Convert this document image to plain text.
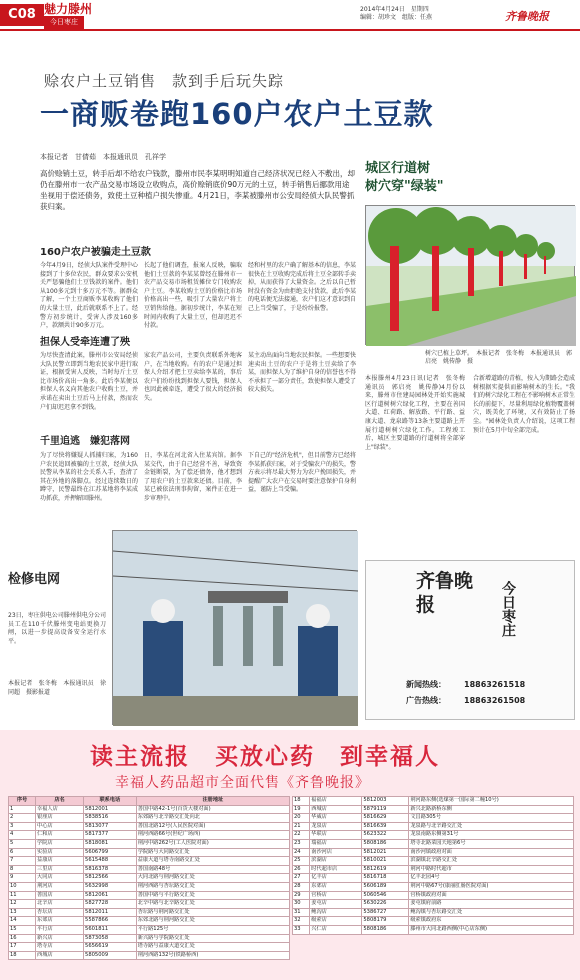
C08 魅力滕州
今日枣庄
2014年4月24日　星期四
编辑：胡珍文　组版：任燕	齐鲁晚报
赊农户土豆销售　款到手后玩失踪
一商贩卷跑160户农户土豆款
本报记者　甘倩茹　本报通讯员　孔祥学
高价赊销土豆，转手后却不给农户钱款，滕州市民李某明明知道自己经济状况已经入不敷出，却仍在滕州市一农产品交易市场设立收购点，高价赊销底价90万元的土豆，转手销售后挪款用途坐视用于偿还债务，致使土豆种植户损失惨重。4月21日，李某被滕州市公安局经侦大队民警抓获归案。
160户农户被骗走土豆款
今年4月9日，经侦大队案件受理中心接到了十多位农民，群众要求公安机关严惩骗他们土豆钱款的案件。他们从100多元到十多万元不等。据群众了解，一个土豆商贩李某收购了他们的大量土豆，此后就联系不上了。经警方初步统计，受害人涉及160多户，款额共计90多万元。
长起了他们调查，报案人反映，骗取他们土豆款的李某某曾经在滕州市一农产品交易市场租赁摊位专门收购农户土豆。李某收购土豆的价格比市场价格高出一些，吸引了大量农户将土豆销售给他。据初步统计，李某在短时间内收购了大量土豆，但却迟迟不付款。
经和村里的农户确了解基本的信息，李某很快在土豆收购完成后将土豆全部转手卖掉，从而获得了大量资金。之后以自己暂时没有资金为由拒绝支付货款，此后李某的电话便无法接通，农户们这才意识到自己上当受骗了，于是纷纷报警。
担保人受牵连遭了殃
为尽快查清此案，滕州市公安局经侦大队民警立即到当地农民家中进行取证，根据受害人反映，当时每斤土豆比市场价高出一角多。此后李某便以担保人名义向其他农户收购土豆，并承诺在卖出土豆后马上付款，然而农户们却迟迟拿不到钱。
家农产品公司，主要负责联系外地客户，在当地收购。有的农户是通过担保人介绍才把土豆卖给李某的，事后农户们纷纷找到担保人要钱，担保人也因此被牵连，遭受了很大的经济损失。
某主动出面向当地农民担保。一些想要快速卖出土豆的农户于是将土豆卖给了李某，而担保人为了维护自身的信誉也不得不承担了一部分责任，致使担保人遭受了较大损失。
千里追逃　嫌犯落网
为了尽快将嫌疑人抓捕归案，为160户农民追回被骗的土豆款，经侦大队民警从李某的社会关系入手，查清了其在外地的落脚点。经过连续数日的蹲守，民警最终在江苏某地将李某成功抓获，并押解回滕州。
日，李某在河北省入住某宾馆。据李某交代，由于自己经营不善，导致资金链断裂，为了偿还债务，他才想到了用农户的土豆款来还债。目前，李某已被依法刑事拘留，案件正在进一步审理中。
下自己的"经济危机"，但目前警方已经将李某抓获归案，对于受骗农户的损失，警方表示将尽最大努力为农户挽回损失，并提醒广大农户在交易时要注意保护自身利益，谨防上当受骗。
城区行道树
树穴穿"绿装"
树穴已植上草坪。　本报记者　张冬梅　本报通讯员　郭启亮　姚传静　摄
本报滕州4月23日讯(记者　张冬梅　通讯员　郭启亮　姚传静)4月份以来，滕州市住建局园林处开始实施城区行道树树穴绿化工程，主要在善国大道、红荷路、解放路、平行路、益康大道、龙泉路等13条主要道路上开展行道树树穴绿化工作。工程竣工后，城区主要道路的行道树将全部穿上"绿装"。
合新增道路的青植，按入为期路会造成树根据实提供而影响树木的生长。"我们的树穴绿化工程在不影响树木正常生长的前提下，尽量利用绿化植物覆盖树穴，既美化了环境，又有效防止了扬尘。"园林处负责人介绍说，这项工程预计在5月中旬全部完成。
检修电网
23日，枣庄供电公司滕州供电分公司员工在110千伏滕州变电站更换刀闸，以进一步提高设备安全运行水平。
本报记者　张冬梅　本报通讯员　徐同超　摄影报道
齐鲁晚报	今日枣庄
新闻热线： 18863261518
广告热线： 18863261508
读主流报　买放心药　到幸福人
幸福人药品超市全面代售《齐鲁晚报》
序号	店名	联系电话	注册地址
1	幸福人店	5812001	善国中路42-1号(百货大楼对面)
2	银座店	5838516	东郊路与北辛路交汇处向北
3	中心店	5813077	善国北路12号(人民医院对面)
4	仁和店	5817377	荆河西路66号(世纪广场西)
5	学院店	5818081	荆河中路262号(工人医院对面)
6	实验店	5606799	学院路与大同路交汇处
7	益康店	5615488	益康大道与塔寺南路交汇处
8	三里店	5816378	善国南路48号
9	大同店	5812566	大同北路与荆河路交汇处
10	荆河店	5632998	荆河西路与杏坛路交汇处
11	善国店	5812061	善国中路与平行路交汇处
12	北辛店	5827728	北辛中路与北辛路交汇处
13	杏坛店	5812011	杏坛路与荆河路交汇处
14	东郊店	5587866	东郊北路与荆河路交汇处
15	平行店	5601811	平行路125号
16	新兴店	5873058	新兴路与学院路交汇处
17	塔寺店	5656619	塔寺路与益康大道交汇处
18	西城店	5805009	荆河西路132号(铁路桥西)
18	福福店	5812003	荆河路东侧(选煤第一国际第二幢10号)
19	西城店	5879119	新兴北路新桥东侧
20	华威店	5816629	文昌路305号
21	龙泉店	5816639	龙泉路与北辛路交汇处
22	华联店	5623322	龙泉南路东侧第31号
23	瑞福店	5808186	塔寺北路菜园天地第6号
24	南沙河店	5812021	南沙河镇政府对面
25	滨湖店	5810021	滨湖镇北辛路交汇处
26	时代超市店	5812619	荆河中路时代超市
27	亿丰店	5816718	亿丰北园4号
28	东郊店	5606189	荆河中路67号(康丽肛肠医院对面)
29	官桥店	5060546	官桥镇政府对面
30	姜屯店	5630226	姜屯镇府前路
31	鲍沟店	5386727	鲍沟镇与杏坛路交汇处
32	级索店	5808179	级索镇政府东
33	兴仁店	5808186	滕州市大同北路西侧(中心店东侧)
